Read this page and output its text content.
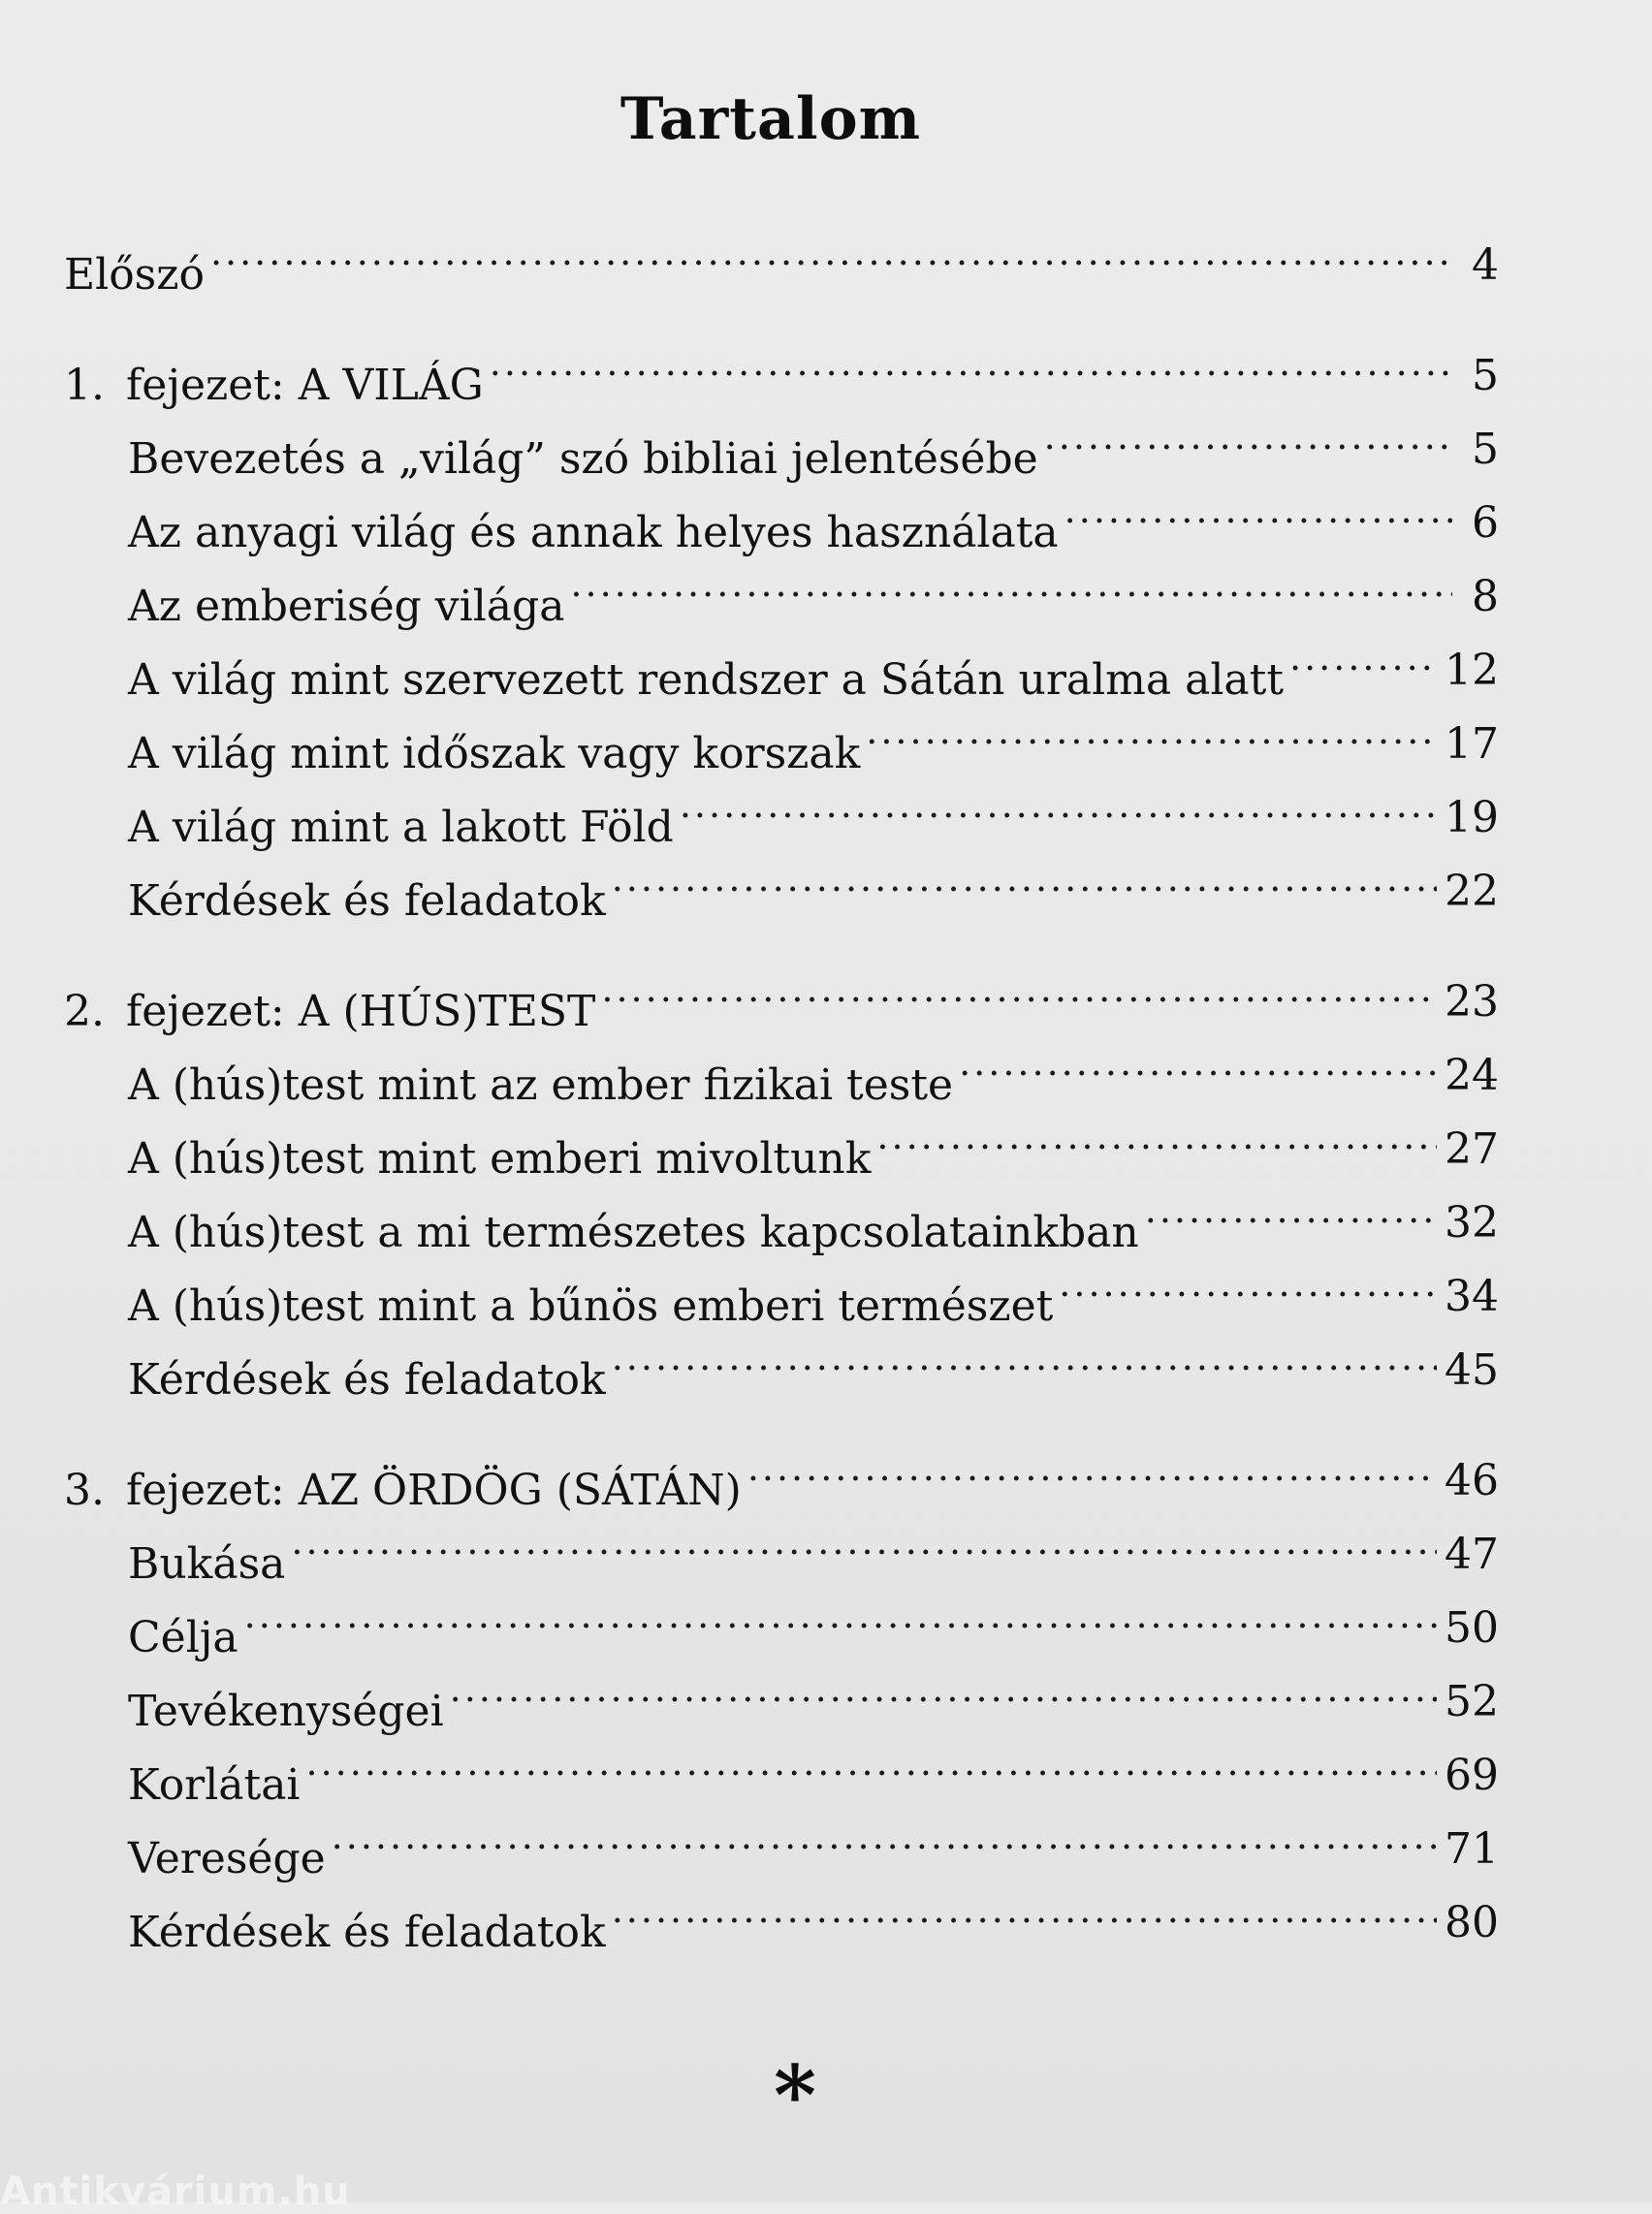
Tartalom
Előszó .....	4
1. fejezet: A VILÁG .....	5
Bevezetés a „világ” szó bibliai jelentésébe .....	5
Az anyagi világ és annak helyes használata .....	6
Az emberiség világa .....	8
A világ mint szervezett rendszer a Sátán uralma alatt .....	12
A világ mint időszak vagy korszak .....	17
A világ mint a lakott Föld .....	19
Kérdések és feladatok .....	22
2. fejezet: A (HÚS)TEST .....	23
A (hús)test mint az ember fizikai teste .....	24
A (hús)test mint emberi mivoltunk .....	27
A (hús)test a mi természetes kapcsolatainkban .....	32
A (hús)test mint a bűnös emberi természet .....	34
Kérdések és feladatok .....	45
3. fejezet: AZ ÖRDÖG (SÁTÁN) .....	46
Bukása .....	47
Célja .....	50
Tevékenységei .....	52
Korlátai .....	69
Veresége .....	71
Kérdések és feladatok .....	80
*
Antikvárium.hu
